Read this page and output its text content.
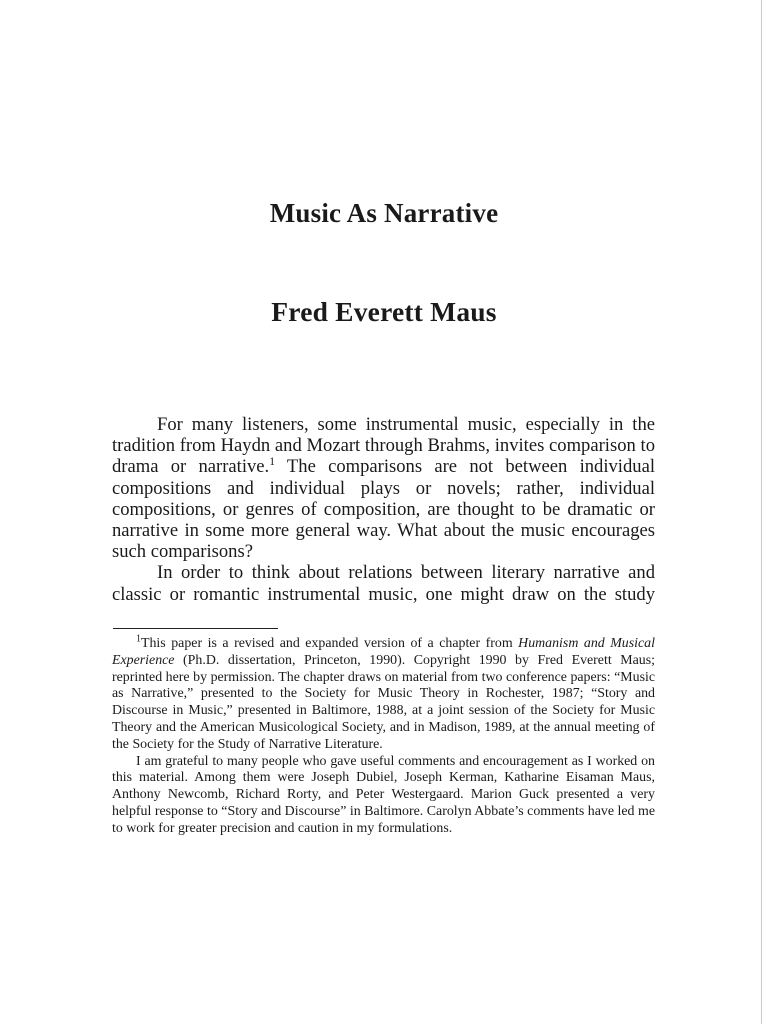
Music As Narrative
Fred Everett Maus

For many listeners, some instrumental music, especially in the tradition from Haydn and Mozart through Brahms, invites comparison to drama or narrative.$^1$ The comparisons are not between individual compositions and individual plays or novels; rather, individual compositions, or genres of composition, are thought to be dramatic or narrative in some more general way. What about the music encourages such comparisons?

In order to think about relations between literary narrative and classic or romantic instrumental music, one might draw on the study

$^1$This paper is a revised and expanded version of a chapter from Humanism and Musical Experience (Ph.D. dissertation, Princeton, 1990). Copyright 1990 by Fred Everett Maus; reprinted here by permission. The chapter draws on material from two conference papers: “Music as Narrative,” presented to the Society for Music Theory in Rochester, 1987; “Story and Discourse in Music,” presented in Baltimore, 1988, at a joint session of the Society for Music Theory and the American Musicological Society, and in Madison, 1989, at the annual meeting of the Society for the Study of Narrative Literature.

I am grateful to many people who gave useful comments and encouragement as I worked on this material. Among them were Joseph Dubiel, Joseph Kerman, Katharine Eisaman Maus, Anthony Newcomb, Richard Rorty, and Peter Westergaard. Marion Guck presented a very helpful response to “Story and Discourse” in Baltimore. Carolyn Abbate’s comments have led me to work for greater precision and caution in my formulations.
